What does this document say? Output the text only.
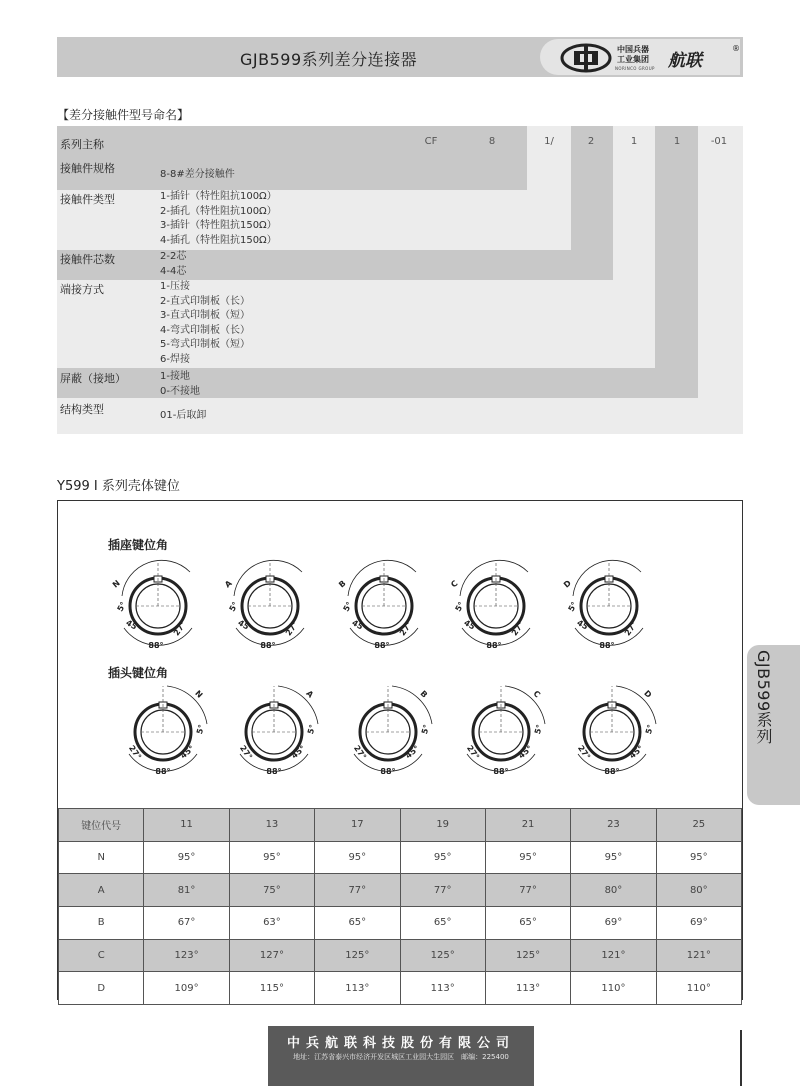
GJB599系列差分连接器
中国兵器
工业集团
NORINCO GROUP 航联
®
【差分接触件型号命名】
CF	8	1/	2	1	1	-01
系列主称
接触件规格	8-8#差分接触件
接触件类型	1-插针（特性阻抗100Ω）
2-插孔（特性阻抗100Ω）
3-插针（特性阻抗150Ω）
4-插孔（特性阻抗150Ω）
接触件芯数	2-2芯
4-4芯
端接方式	1-压接
2-直式印制板（长）
3-直式印制板（短）
4-弯式印制板（长）
5-弯式印制板（短）
6-焊接
屏蔽（接地）	1-接地
0-不接地
结构类型	01-后取卸
Y599 I 系列壳体键位
插座键位角
插头键位角
N
5°
45°	27°
88°
A
5°
45°	27°
88°
B
5°
45°	27°
88°
C
5°
45°	27°
88°
D
5°
45°	27°
88°
N
5°
27°	45°
88°
A
5°
27°	45°
88°
B
5°
27°	45°
88°
C
5°
27°	45°
88°
D
5°
27°	45°
88°
键位代号	11	13	17	19	21	23	25
N	95°	95°	95°	95°	95°	95°	95°
A	81°	75°	77°	77°	77°	80°	80°
B	67°	63°	65°	65°	65°	69°	69°
C	123°	127°	125°	125°	125°	121°	121°
D	109°	115°	113°	113°	113°	110°	110°
GJB599系列
中兵航联科技股份有限公司
地址：江苏省泰兴市经济开发区城区工业园大生园区　邮编：225400
